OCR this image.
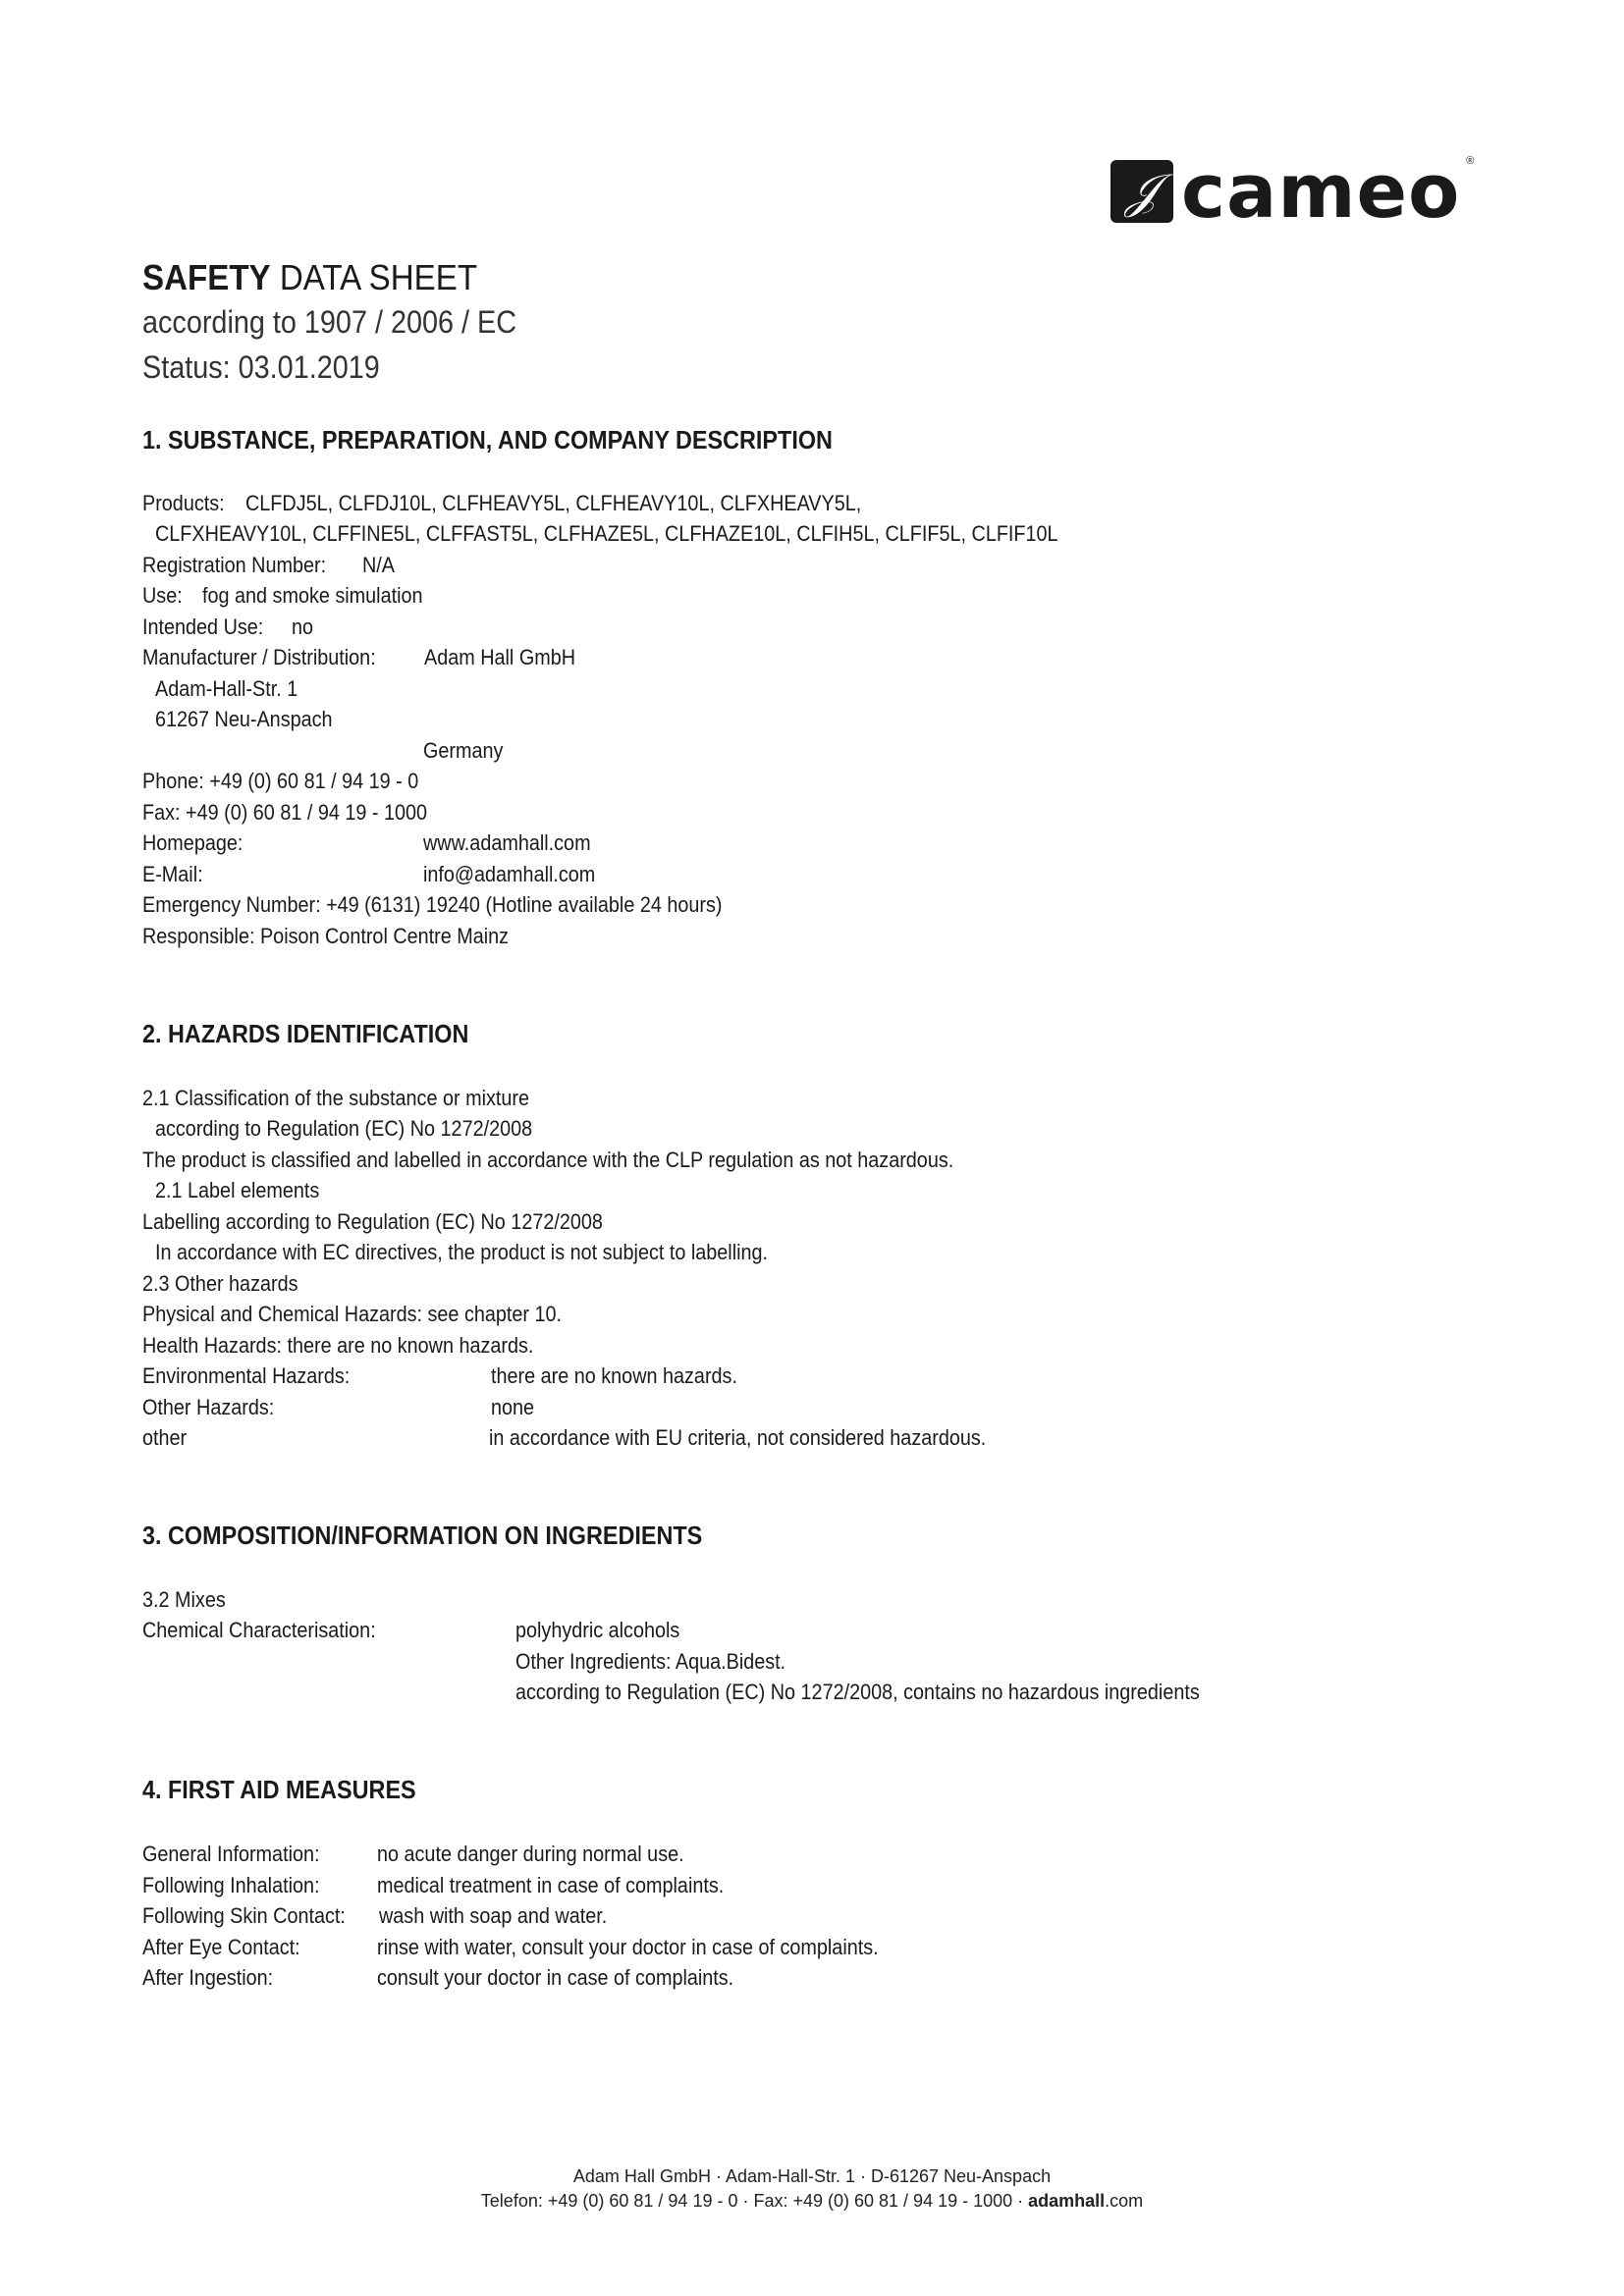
𝒥 cameo ®
SAFETY DATA SHEET
according to 1907 / 2006 / EC
Status: 03.01.2019
1. SUBSTANCE, PREPARATION, AND COMPANY DESCRIPTION
Products: CLFDJ5L, CLFDJ10L, CLFHEAVY5L, CLFHEAVY10L, CLFXHEAVY5L,
CLFXHEAVY10L, CLFFINE5L, CLFFAST5L, CLFHAZE5L, CLFHAZE10L, CLFIH5L, CLFIF5L, CLFIF10L
Registration Number: N/A
Use: fog and smoke simulation
Intended Use: no
Manufacturer / Distribution: Adam Hall GmbH
Adam-Hall-Str. 1
61267 Neu-Anspach
Germany
Phone: +49 (0) 60 81 / 94 19 - 0
Fax: +49 (0) 60 81 / 94 19 - 1000
Homepage:	www.adamhall.com
E-Mail:	info@adamhall.com
Emergency Number: +49 (6131) 19240 (Hotline available 24 hours)
Responsible: Poison Control Centre Mainz
2. HAZARDS IDENTIFICATION
2.1 Classification of the substance or mixture
according to Regulation (EC) No 1272/2008
The product is classified and labelled in accordance with the CLP regulation as not hazardous.
2.1 Label elements
Labelling according to Regulation (EC) No 1272/2008
In accordance with EC directives, the product is not subject to labelling.
2.3 Other hazards
Physical and Chemical Hazards: see chapter 10.
Health Hazards: there are no known hazards.
Environmental Hazards:	there are no known hazards.
Other Hazards:	none
other	in accordance with EU criteria, not considered hazardous.
3. COMPOSITION/INFORMATION ON INGREDIENTS
3.2 Mixes
Chemical Characterisation:	polyhydric alcohols
Other Ingredients: Aqua.Bidest.
according to Regulation (EC) No 1272/2008, contains no hazardous ingredients
4. FIRST AID MEASURES
General Information:	no acute danger during normal use.
Following Inhalation:	medical treatment in case of complaints.
Following Skin Contact: wash with soap and water.
After Eye Contact:	rinse with water, consult your doctor in case of complaints.
After Ingestion:	consult your doctor in case of complaints.
Adam Hall GmbH · Adam-Hall-Str. 1 · D-61267 Neu-Anspach
Telefon: +49 (0) 60 81 / 94 19 - 0 · Fax: +49 (0) 60 81 / 94 19 - 1000 · adamhall.com
